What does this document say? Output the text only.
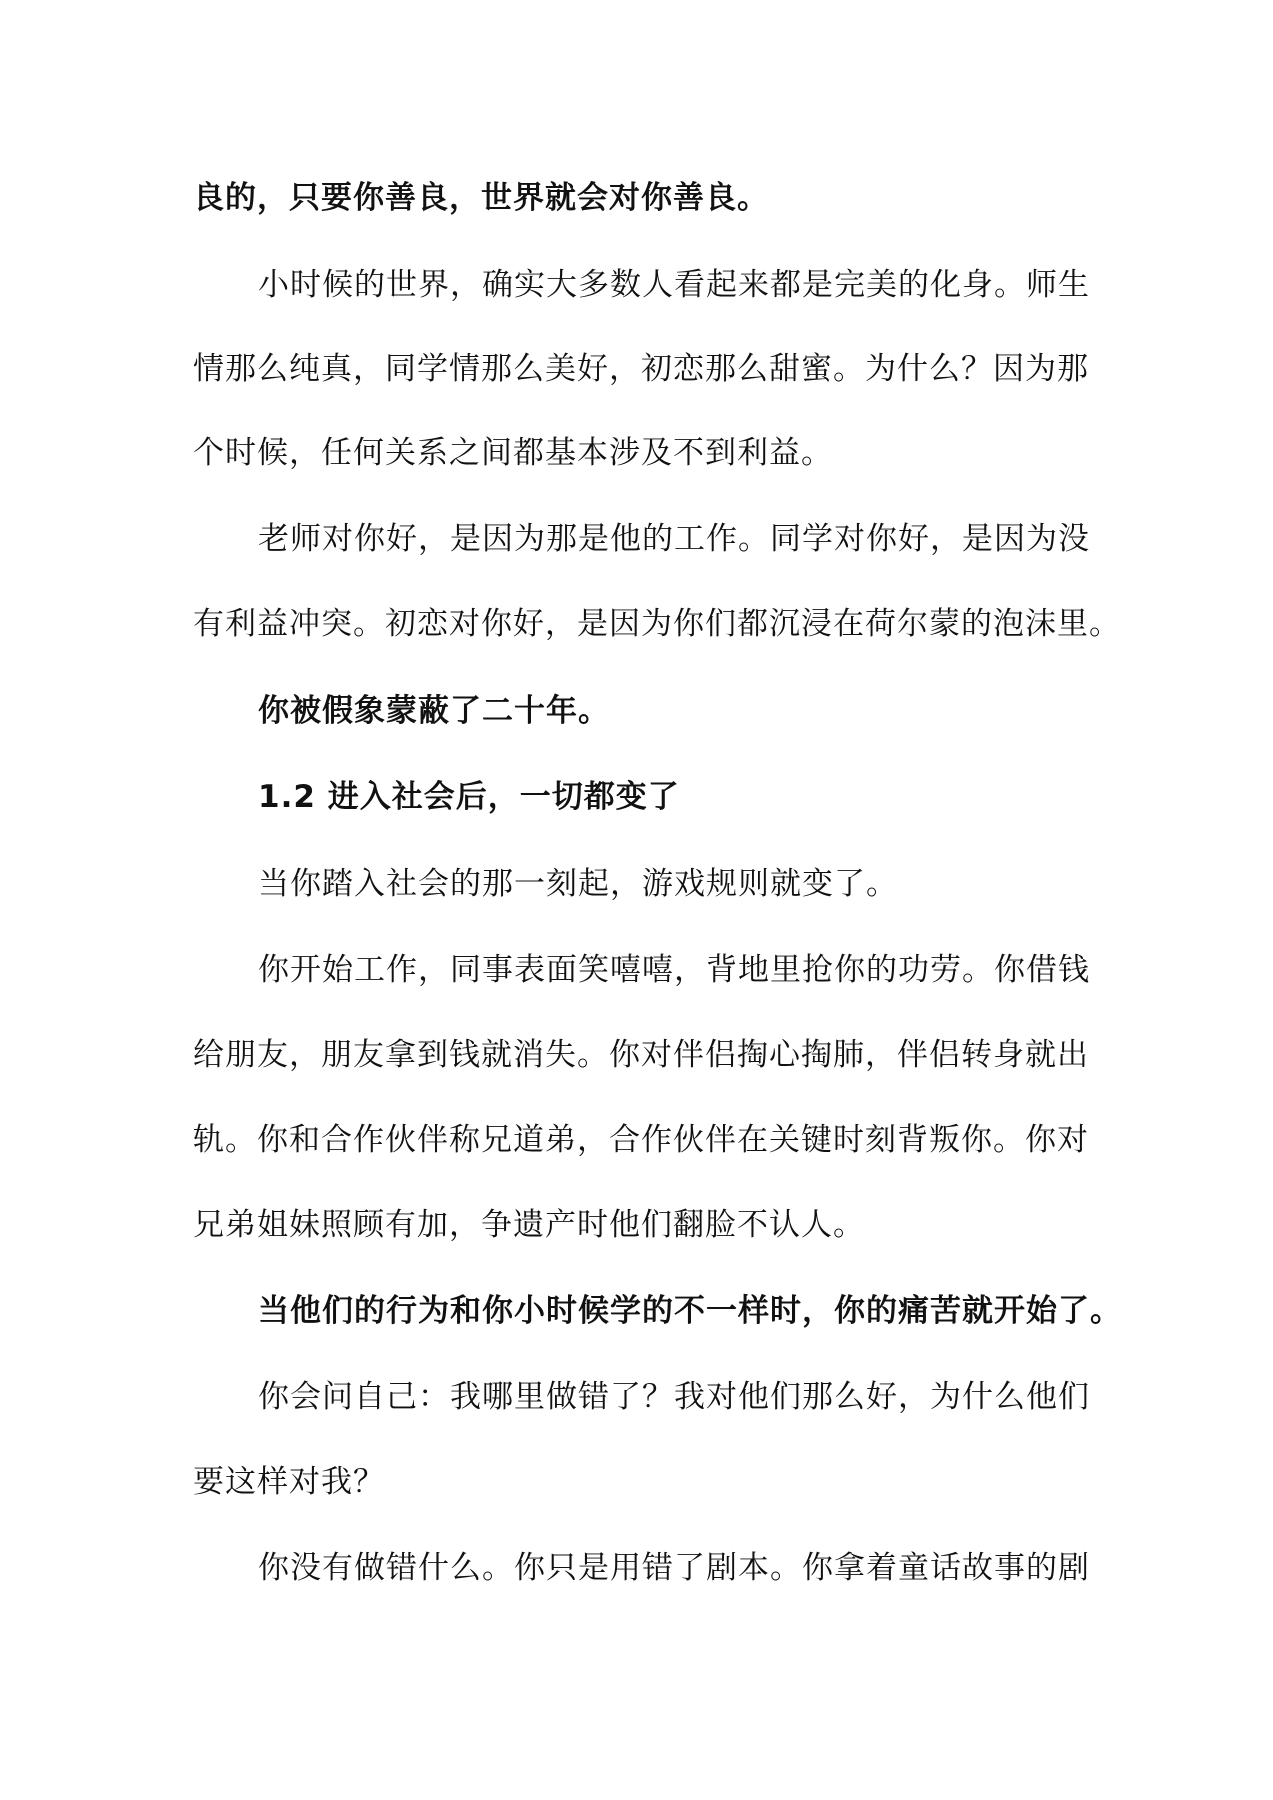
良的，只要你善良，世界就会对你善良。
小时候的世界，确实大多数人看起来都是完美的化身。师生
情那么纯真，同学情那么美好，初恋那么甜蜜。为什么？因为那
个时候，任何关系之间都基本涉及不到利益。
老师对你好，是因为那是他的工作。同学对你好，是因为没
有利益冲突。初恋对你好，是因为你们都沉浸在荷尔蒙的泡沫里。
你被假象蒙蔽了二十年。
1.2 进入社会后，一切都变了
当你踏入社会的那一刻起，游戏规则就变了。
你开始工作，同事表面笑嘻嘻，背地里抢你的功劳。你借钱
给朋友，朋友拿到钱就消失。你对伴侣掏心掏肺，伴侣转身就出
轨。你和合作伙伴称兄道弟，合作伙伴在关键时刻背叛你。你对
兄弟姐妹照顾有加，争遗产时他们翻脸不认人。
当他们的行为和你小时候学的不一样时，你的痛苦就开始了。
你会问自己：我哪里做错了？我对他们那么好，为什么他们
要这样对我？
你没有做错什么。你只是用错了剧本。你拿着童话故事的剧
